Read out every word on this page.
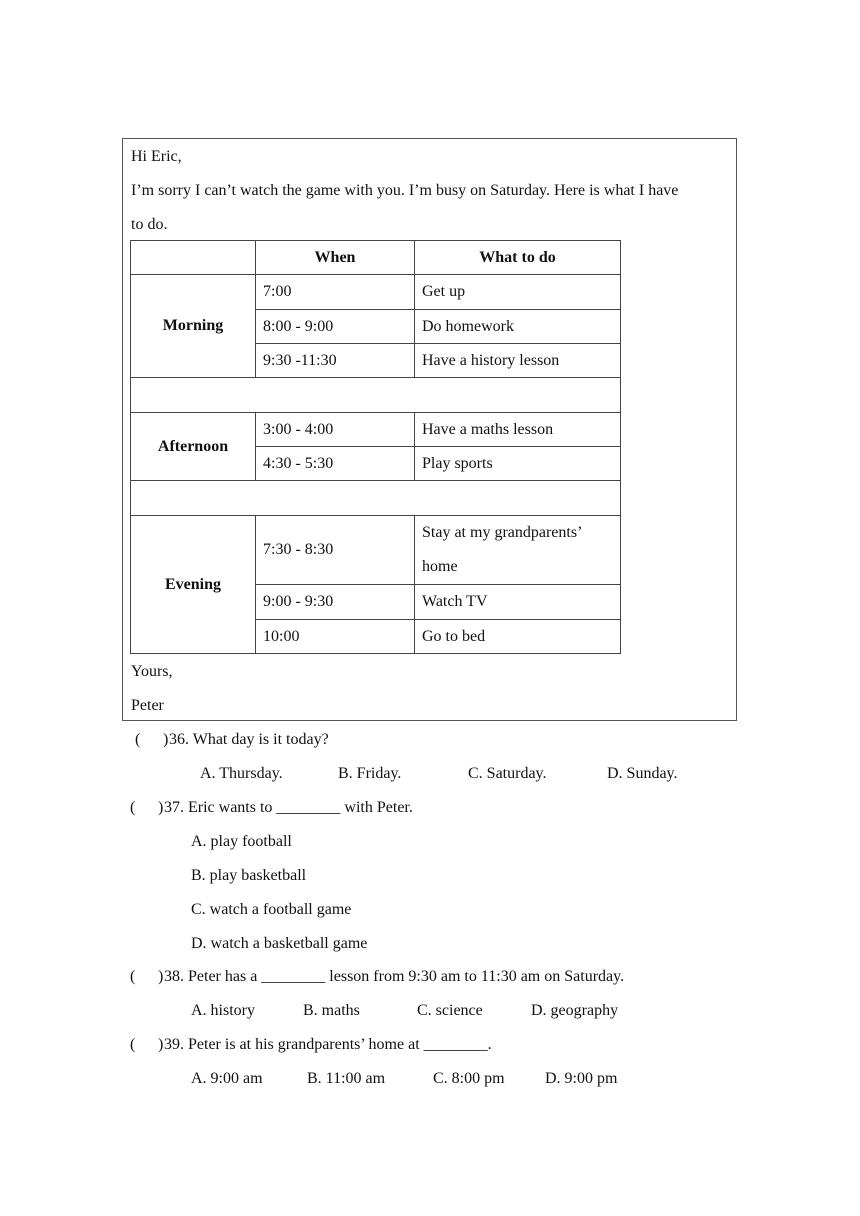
Hi Eric,
I’m sorry I can’t watch the game with you. I’m busy on Saturday. Here is what I have
to do.
	When	What to do
Morning	7:00	Get up
	8:00 - 9:00	Do homework
	9:30 -11:30	Have a history lesson

Afternoon	3:00 - 4:00	Have a maths lesson
	4:30 - 5:30	Play sports

Evening	7:30 - 8:30	Stay at my grandparents’
home

	9:00 - 9:30	Watch TV
	10:00	Go to bed
Yours,
Peter
( ) 36. What day is it today?
A. Thursday.	B. Friday.	C. Saturday.	D. Sunday.
( ) 37. Eric wants to ________ with Peter.
A. play football
B. play basketball
C. watch a football game
D. watch a basketball game
( ) 38. Peter has a ________ lesson from 9:30 am to 11:30 am on Saturday.
A. history	B. maths	C. science	D. geography
( ) 39. Peter is at his grandparents’ home at ________.
A. 9:00 am	B. 11:00 am	C. 8:00 pm	D. 9:00 pm
